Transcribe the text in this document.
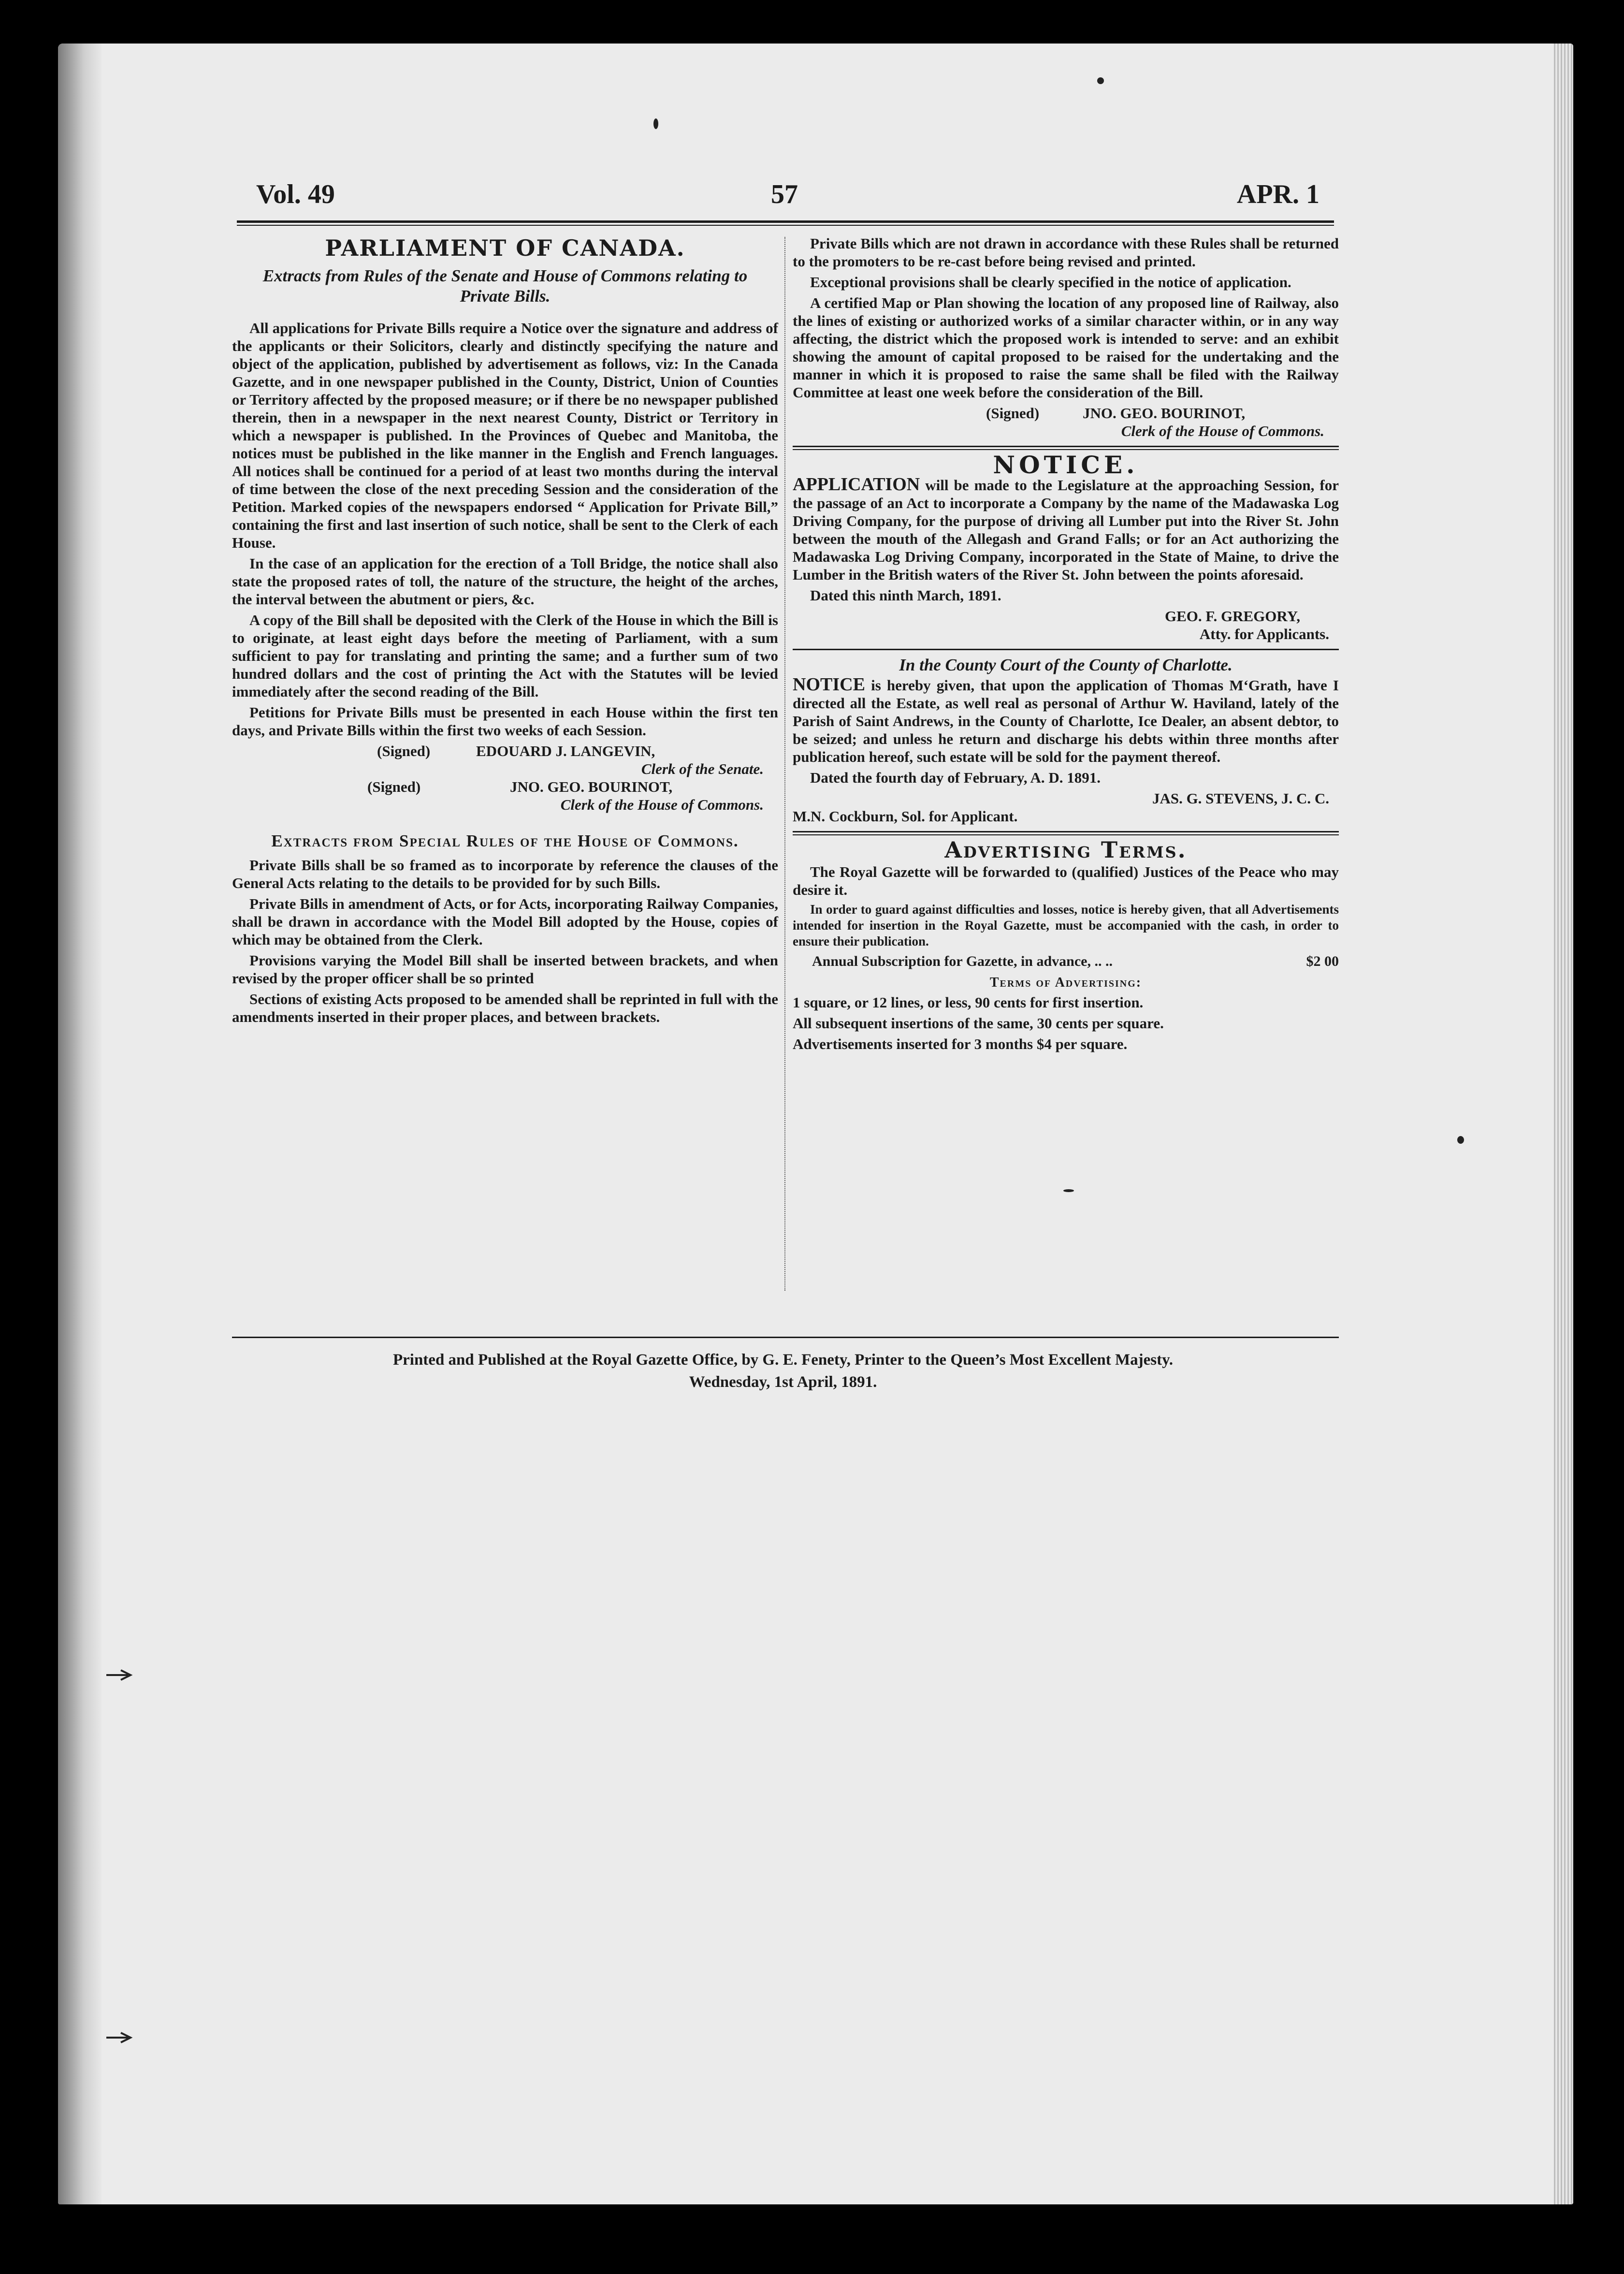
Vol. 49	57	APR. 1
PARLIAMENT OF CANADA.
Extracts from Rules of the Senate and House of Commons relating to Private Bills.

All applications for Private Bills require a Notice over the signature and address of the applicants or their Solicitors, clearly and distinctly specifying the nature and object of the application, published by advertisement as follows, viz: In the Canada Gazette, and in one newspaper published in the County, District, Union of Counties or Territory affected by the proposed measure; or if there be no newspaper published therein, then in a newspaper in the next nearest County, District or Territory in which a newspaper is published. In the Provinces of Quebec and Manitoba, the notices must be published in the like manner in the English and French languages. All notices shall be continued for a period of at least two months during the interval of time between the close of the next preceding Session and the consideration of the Petition. Marked copies of the newspapers endorsed “ Application for Private Bill,” containing the first and last insertion of such notice, shall be sent to the Clerk of each House.

In the case of an application for the erection of a Toll Bridge, the notice shall also state the proposed rates of toll, the nature of the structure, the height of the arches, the interval between the abutment or piers, &c.

A copy of the Bill shall be deposited with the Clerk of the House in which the Bill is to originate, at least eight days before the meeting of Parliament, with a sum sufficient to pay for translating and printing the same; and a further sum of two hundred dollars and the cost of printing the Act with the Statutes will be levied immediately after the second reading of the Bill.

Petitions for Private Bills must be presented in each House within the first ten days, and Private Bills within the first two weeks of each Session.

(Signed)	EDOUARD J. LANGEVIN,
Clerk of the Senate.
(Signed)	JNO. GEO. BOURINOT,
Clerk of the House of Commons.
Extracts from Special Rules of the House of Commons.

Private Bills shall be so framed as to incorporate by reference the clauses of the General Acts relating to the details to be provided for by such Bills.

Private Bills in amendment of Acts, or for Acts, incorporating Railway Companies, shall be drawn in accordance with the Model Bill adopted by the House, copies of which may be obtained from the Clerk.

Provisions varying the Model Bill shall be inserted between brackets, and when revised by the proper officer shall be so printed

Sections of existing Acts proposed to be amended shall be reprinted in full with the amendments inserted in their proper places, and between brackets.

Private Bills which are not drawn in accordance with these Rules shall be returned to the promoters to be re-cast before being revised and printed.

Exceptional provisions shall be clearly specified in the notice of application.

A certified Map or Plan showing the location of any proposed line of Railway, also the lines of existing or authorized works of a similar character within, or in any way affecting, the district which the proposed work is intended to serve: and an exhibit showing the amount of capital proposed to be raised for the undertaking and the manner in which it is proposed to raise the same shall be filed with the Railway Committee at least one week before the consideration of the Bill.

(Signed)	JNO. GEO. BOURINOT,
Clerk of the House of Commons.
NOTICE.

APPLICATION will be made to the Legislature at the approaching Session, for the passage of an Act to incorporate a Company by the name of the Madawaska Log Driving Company, for the purpose of driving all Lumber put into the River St. John between the mouth of the Allegash and Grand Falls; or for an Act authorizing the Madawaska Log Driving Company, incorporated in the State of Maine, to drive the Lumber in the British waters of the River St. John between the points aforesaid.

Dated this ninth March, 1891.

GEO. F. GREGORY,
Atty. for Applicants.
In the County Court of the County of Charlotte.

NOTICE is hereby given, that upon the application of Thomas M‘Grath, have I directed all the Estate, as well real as personal of Arthur W. Haviland, lately of the Parish of Saint Andrews, in the County of Charlotte, Ice Dealer, an absent debtor, to be seized; and unless he return and discharge his debts within three months after publication hereof, such estate will be sold for the payment thereof.

Dated the fourth day of February, A. D. 1891.

JAS. G. STEVENS, J. C. C.

M.N. Cockburn, Sol. for Applicant.

Advertising Terms.

The Royal Gazette will be forwarded to (qualified) Justices of the Peace who may desire it.

In order to guard against difficulties and losses, notice is hereby given, that all Advertisements intended for insertion in the Royal Gazette, must be accompanied with the cash, in order to ensure their publication.

Annual Subscription for Gazette, in advance, .. ..	$2 00
Terms of Advertising:

1 square, or 12 lines, or less, 90 cents for first insertion.

All subsequent insertions of the same, 30 cents per square.

Advertisements inserted for 3 months $4 per square.

Printed and Published at the Royal Gazette Office, by G. E. Fenety, Printer to the Queen’s Most Excellent Majesty.
Wednesday, 1st April, 1891.
